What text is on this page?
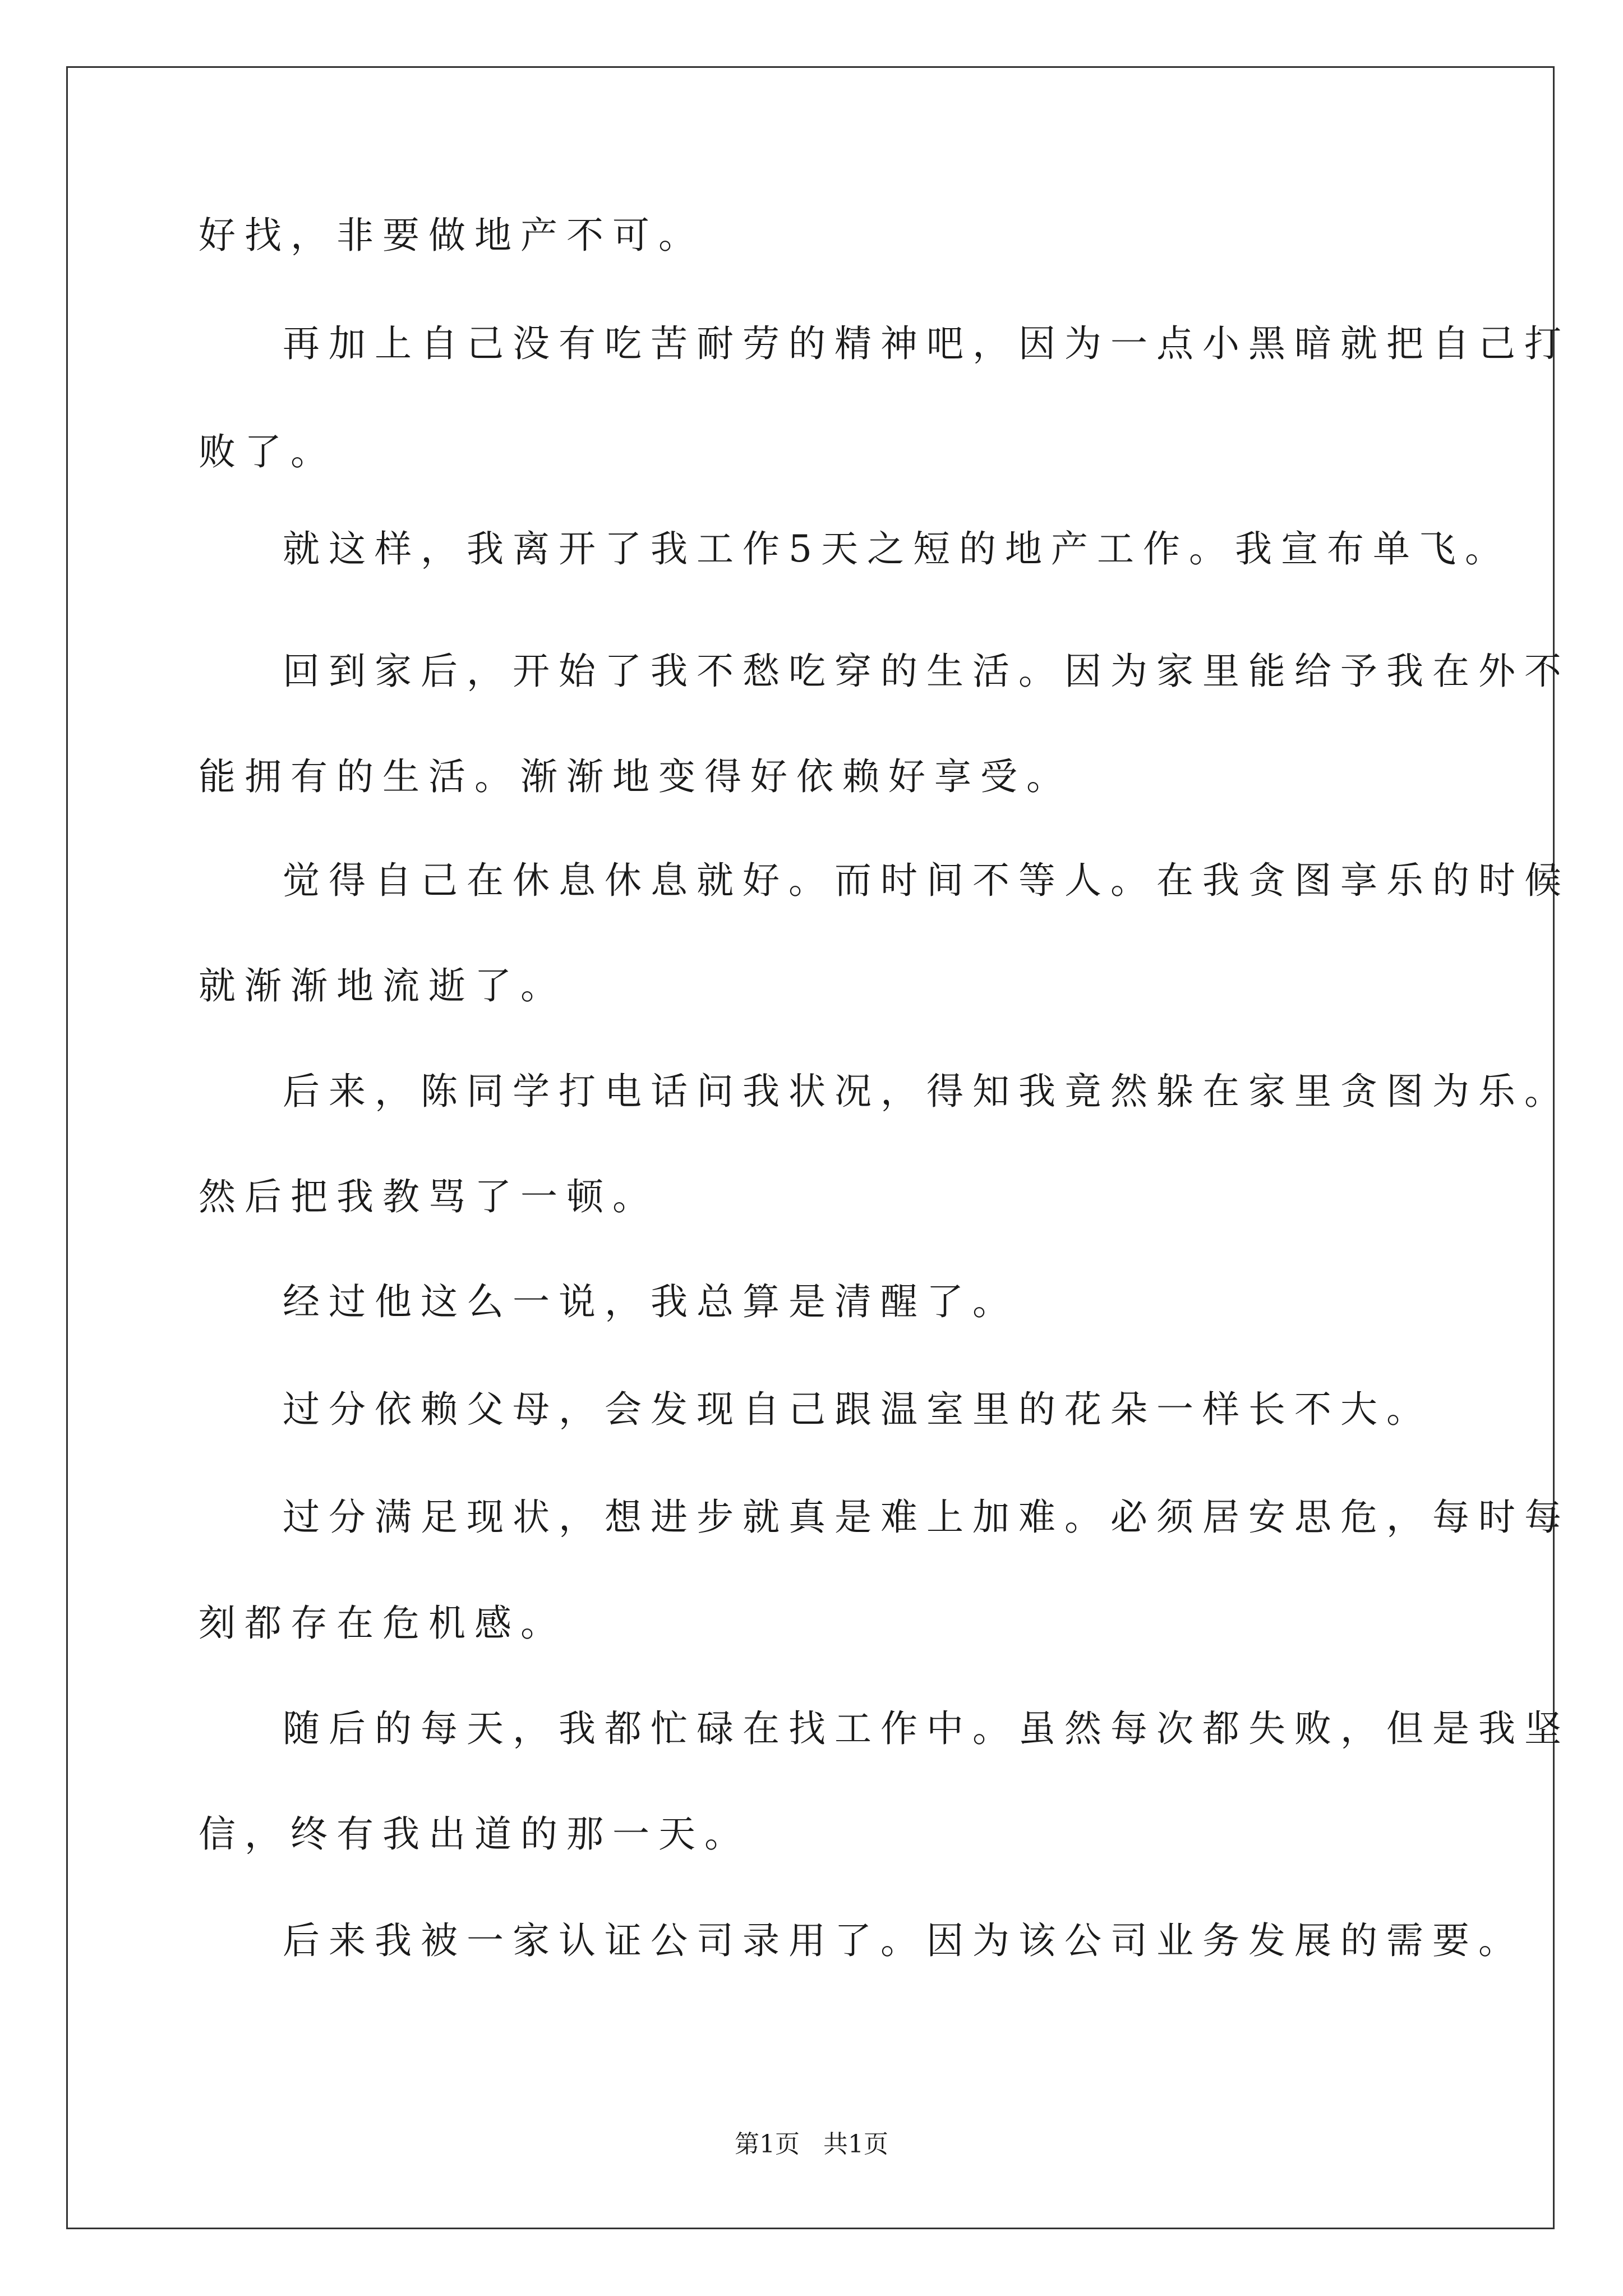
好找，非要做地产不可。
再加上自己没有吃苦耐劳的精神吧，因为一点小黑暗就把自己打
败了。
就这样，我离开了我工作5天之短的地产工作。我宣布单飞。
回到家后，开始了我不愁吃穿的生活。因为家里能给予我在外不
能拥有的生活。渐渐地变得好依赖好享受。
觉得自己在休息休息就好。而时间不等人。在我贪图享乐的时候
就渐渐地流逝了。
后来，陈同学打电话问我状况，得知我竟然躲在家里贪图为乐。
然后把我教骂了一顿。
经过他这么一说，我总算是清醒了。
过分依赖父母，会发现自己跟温室里的花朵一样长不大。
过分满足现状，想进步就真是难上加难。必须居安思危，每时每
刻都存在危机感。
随后的每天，我都忙碌在找工作中。虽然每次都失败，但是我坚
信，终有我出道的那一天。
后来我被一家认证公司录用了。因为该公司业务发展的需要。
第1页 共1页
